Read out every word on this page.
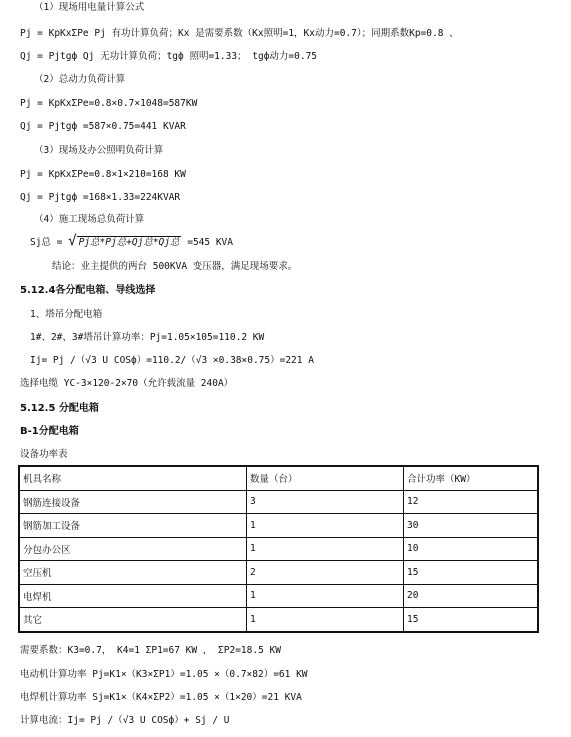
（1）现场用电量计算公式
Pj = KpKxΣPe Pj 有功计算负荷；Kx 是需要系数（Kx照明=1，Kx动力=0.7）；同期系数Kp=0.8 、
Qj = Pjtgф Qj 无功计算负荷；tgф 照明=1.33； tgф动力=0.75
（2）总动力负荷计算
Pj = KpKxΣPe=0.8×0.7×1048=587KW
Qj = Pjtgф =587×0.75=441 KVAR
（3）现场及办公照明负荷计算
Pj = KpKxΣPe=0.8×1×210=168 KW
Qj = Pjtgф =168×1.33=224KVAR
（4）施工现场总负荷计算
Sj总 = √ Pj总*Pj总+Qj总*Qj总 =545 KVA
结论：业主提供的两台 500KVA 变压器，满足现场要求。
5.12.4各分配电箱、导线选择
1、塔吊分配电箱
1#、2#、3#塔吊计算功率：Pj=1.05×105=110.2 KW
Ij= Pj /（√3 U COSф）=110.2/（√3 ×0.38×0.75）=221 A
选择电缆 YC-3×120-2×70（允许载流量 240A）
5.12.5 分配电箱
B-1分配电箱
设备功率表
机具名称	数量（台）	合计功率（KW）
钢筋连接设备	3	12
钢筋加工设备	1	30
分包办公区	1	10
空压机	2	15
电焊机	1	20
其它	1	15
需要系数：K3=0.7， K4=1 ΣP1=67 KW ， ΣP2=18.5 KW
电动机计算功率 Pj=K1×（K3×ΣP1）=1.05 ×（0.7×82）=61 KW
电焊机计算功率 Sj=K1×（K4×ΣP2）=1.05 ×（1×20）=21 KVA
计算电流：Ij= Pj /（√3 U COSф）+ Sj / U
